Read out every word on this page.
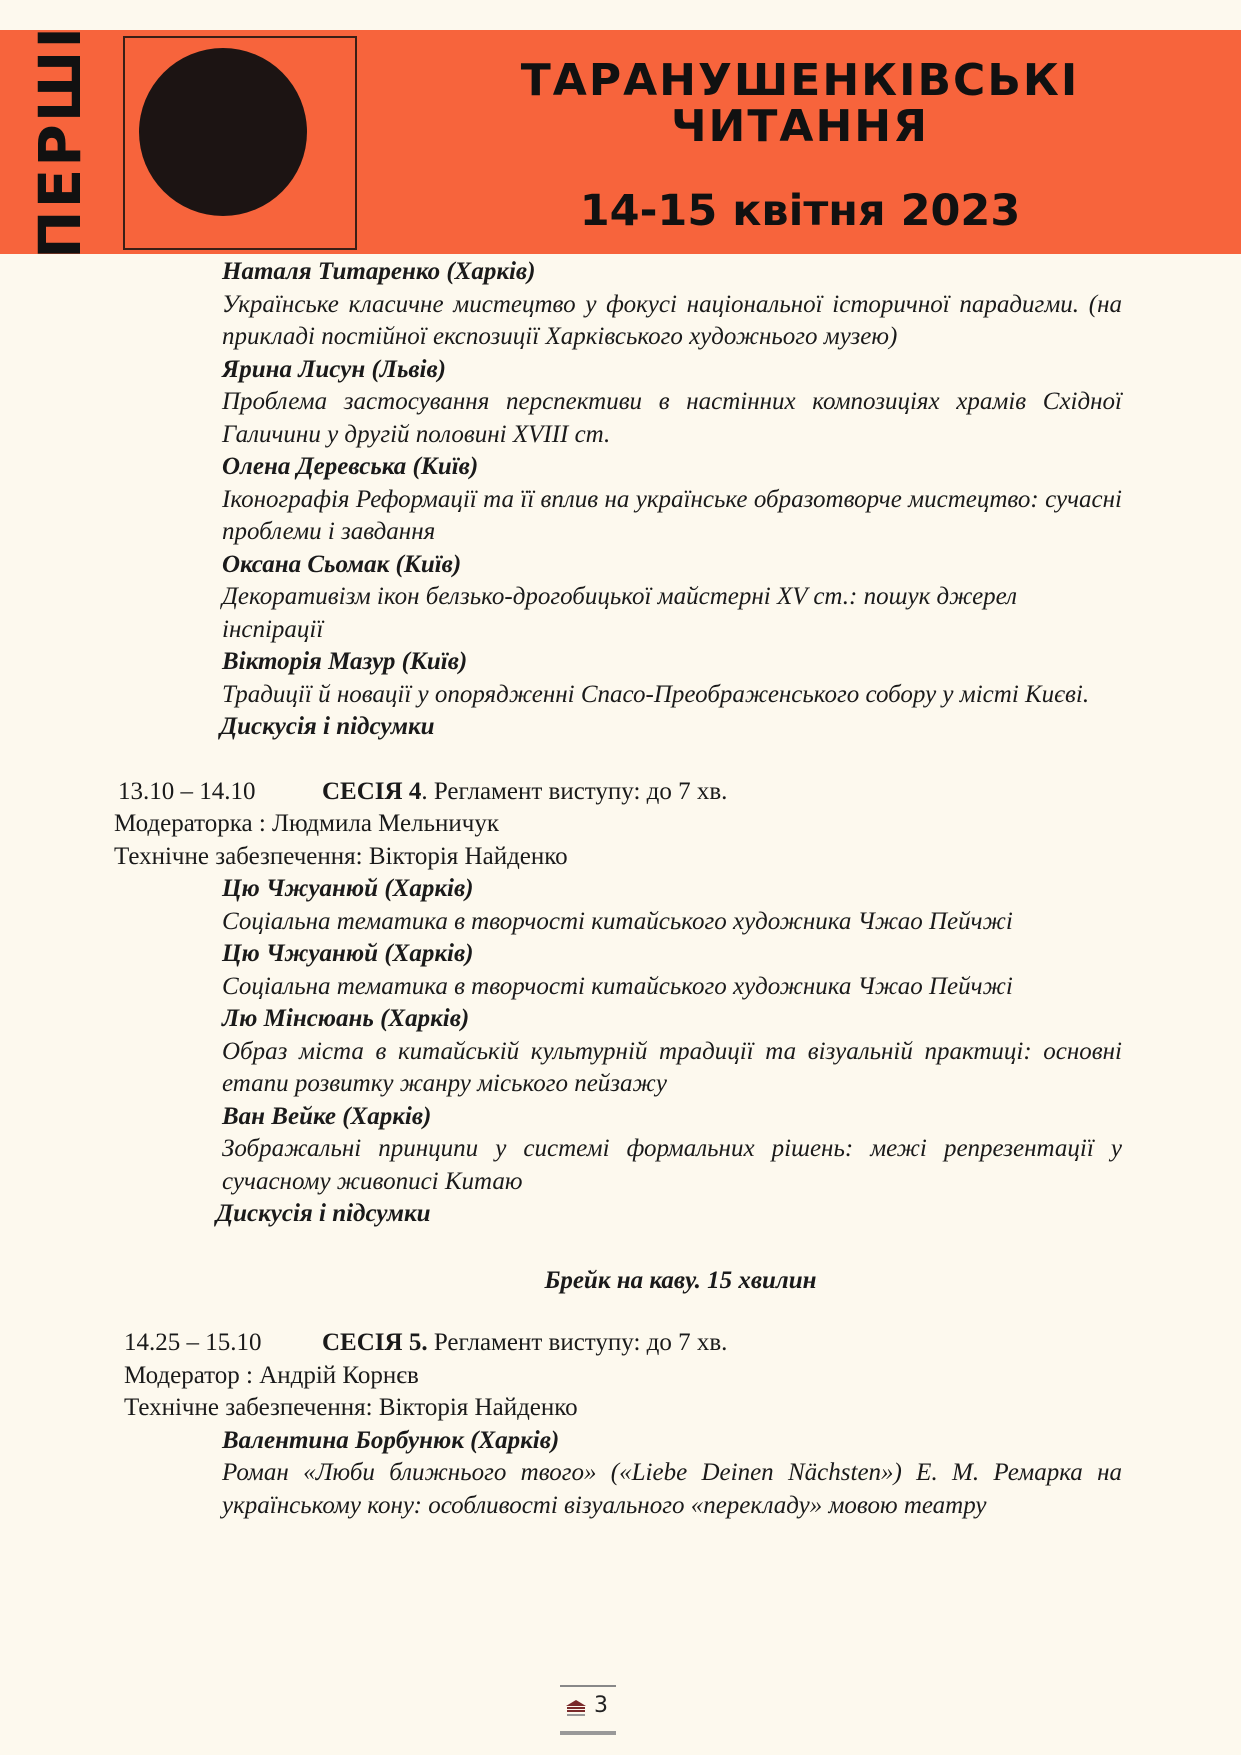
ПЕРШІ	ТАРАНУШЕНКІВСЬКІ
ЧИТАННЯ
14-15 квітня 2023
Наталя Титаренко (Харків)
Українське класичне мистецтво у фокусі національної історичної парадигми. (на прикладі постійної експозиції Харківського художнього музею)
Ярина Лисун (Львів)
Проблема застосування перспективи в настінних композиціях храмів Східної Галичини у другій половині XVIII ст.
Олена Деревська (Київ)
Іконографія Реформації та її вплив на українське образотворче мистецтво: сучасні проблеми і завдання
Оксана Сьомак (Київ)
Декоративізм ікон белзько-дрогобицької майстерні XV ст.: пошук джерел інспірації
Вікторія Мазур (Київ)
Традиції й новації у опорядженні Спасо-Преображенського собору у місті Києві.
Дискусія і підсумки
13.10 – 14.10	СЕСІЯ 4. Регламент виступу: до 7 хв.
Модераторка : Людмила Мельничук
Технічне забезпечення: Вікторія Найденко
Цю Чжуанюй (Харків)
Соціальна тематика в творчості китайського художника Чжао Пейчжі
Цю Чжуанюй (Харків)
Соціальна тематика в творчості китайського художника Чжао Пейчжі
Лю Мінсюань (Харків)
Образ міста в китайській культурній традиції та візуальній практиці: основні етапи розвитку жанру міського пейзажу
Ван Вейке (Харків)
Зображальні принципи у системі формальних рішень: межі репрезентації у сучасному живописі Китаю
Дискусія і підсумки
Брейк на каву. 15 хвилин
14.25 – 15.10 СЕСІЯ 5. Регламент виступу: до 7 хв.
Модератор : Андрій Корнєв
Технічне забезпечення: Вікторія Найденко
Валентина Борбунюк (Харків)
Роман «Люби ближнього твого» («Liebe Deinen Nächsten») Е. М. Ремарка на українському кону: особливості візуального «перекладу» мовою театру
3
